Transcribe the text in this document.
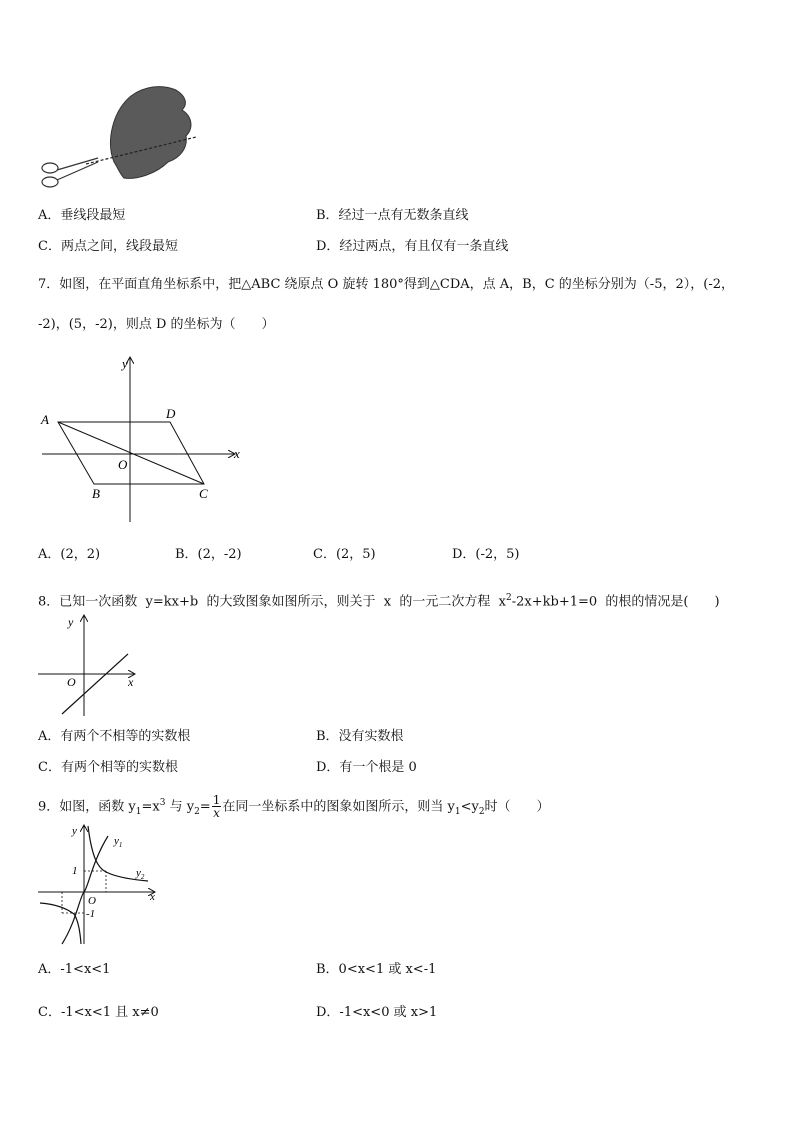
A．垂线段最短	B．经过一点有无数条直线
C．两点之间，线段最短	D．经过两点，有且仅有一条直线
7．如图，在平面直角坐标系中，把△ABC 绕原点 O 旋转 180°得到△CDA，点 A，B，C 的坐标分别为（-5，2），(-2，
-2)，(5，-2)，则点 D 的坐标为（　　）
A	D
B	C
O
x
y
A．(2，2)	B．(2，-2)	C．(2，5)	D．(-2，5)
8．已知一次函数 y=kx+b 的大致图象如图所示，则关于 x 的一元二次方程 $x^2-2x+kb+1=0$ 的根的情况是(　　)
O	x
y
A．有两个不相等的实数根	B．没有实数根
C．有两个相等的实数根	D．有一个根是 0
9．如图，函数 $y_1=x^3$ 与 $y_2= \frac{1}{x}$ 在同一坐标系中的图象如图所示，则当 $y_1<y_2$时（　　）
$y_1$
$y_2$
1
-1
O	x
y
A．-1<x<1	B．0<x<1 或 x<-1
C．-1<x<1 且 x≠0	D．-1<x<0 或 x>1
